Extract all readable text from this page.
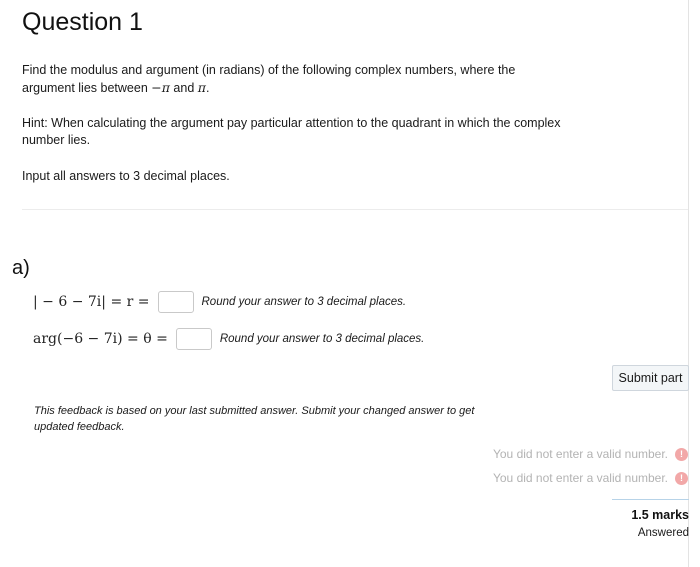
Question 1

Find the modulus and argument (in radians) of the following complex numbers, where the argument lies between −π and π.

Hint: When calculating the argument pay particular attention to the quadrant in which the complex number lies.

Input all answers to 3 decimal places.

a)
| − 6 − 7i| = r =	Round your answer to 3 decimal places.
arg(−6 − 7i) = θ =	Round your answer to 3 decimal places.
Submit part

This feedback is based on your last submitted answer. Submit your changed answer to get updated feedback.

You did not enter a valid number.	!
You did not enter a valid number.	!
1.5 marks
Answered
